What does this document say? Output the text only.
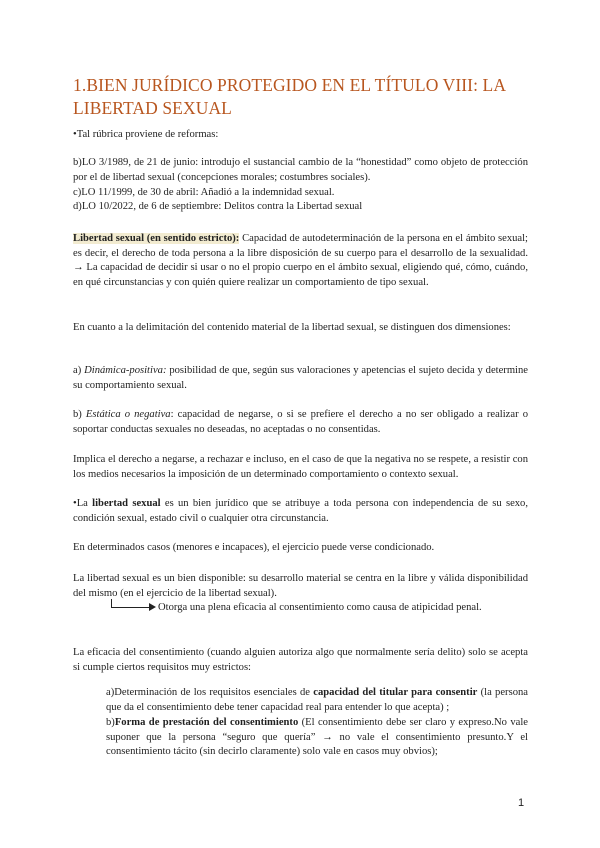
1.BIEN JURÍDICO PROTEGIDO EN EL TÍTULO VIII: LA LIBERTAD SEXUAL
•Tal rúbrica proviene de reformas:
b)LO 3/1989, de 21 de junio: introdujo el sustancial cambio de la “honestidad” como objeto de protección por el de libertad sexual (concepciones morales; costumbres sociales).
c)LO 11/1999, de 30 de abril: Añadió a la indemnidad sexual.
d)LO 10/2022, de 6 de septiembre: Delitos contra la Libertad sexual
Libertad sexual (en sentido estricto): Capacidad de autodeterminación de la persona en el ámbito sexual; es decir, el derecho de toda persona a la libre disposición de su cuerpo para el desarrollo de la sexualidad. → La capacidad de decidir si usar o no el propio cuerpo en el ámbito sexual, eligiendo qué, cómo, cuándo, en qué circunstancias y con quién quiere realizar un comportamiento de tipo sexual.
En cuanto a la delimitación del contenido material de la libertad sexual, se distinguen dos dimensiones:
a) Dinámica-positiva: posibilidad de que, según sus valoraciones y apetencias el sujeto decida y determine su comportamiento sexual.
b) Estática o negativa: capacidad de negarse, o si se prefiere el derecho a no ser obligado a realizar o soportar conductas sexuales no deseadas, no aceptadas o no consentidas.
Implica el derecho a negarse, a rechazar e incluso, en el caso de que la negativa no se respete, a resistir con los medios necesarios la imposición de un determinado comportamiento o contexto sexual.
•La libertad sexual es un bien jurídico que se atribuye a toda persona con independencia de su sexo, condición sexual, estado civil o cualquier otra circunstancia.
En determinados casos (menores e incapaces), el ejercicio puede verse condicionado.
La libertad sexual es un bien disponible: su desarrollo material se centra en la libre y válida disponibilidad del mismo (en el ejercicio de la libertad sexual).
Otorga una plena eficacia al consentimiento como causa de atipicidad penal.
La eficacia del consentimiento (cuando alguien autoriza algo que normalmente sería delito) solo se acepta si cumple ciertos requisitos muy estrictos:
a)Determinación de los requisitos esenciales de capacidad del titular para consentir (la persona que da el consentimiento debe tener capacidad real para entender lo que acepta) ;
b)Forma de prestación del consentimiento (El consentimiento debe ser claro y expreso.No vale suponer que la persona “seguro que quería” → no vale el consentimiento presunto.Y el consentimiento tácito (sin decirlo claramente) solo vale en casos muy obvios);
1
